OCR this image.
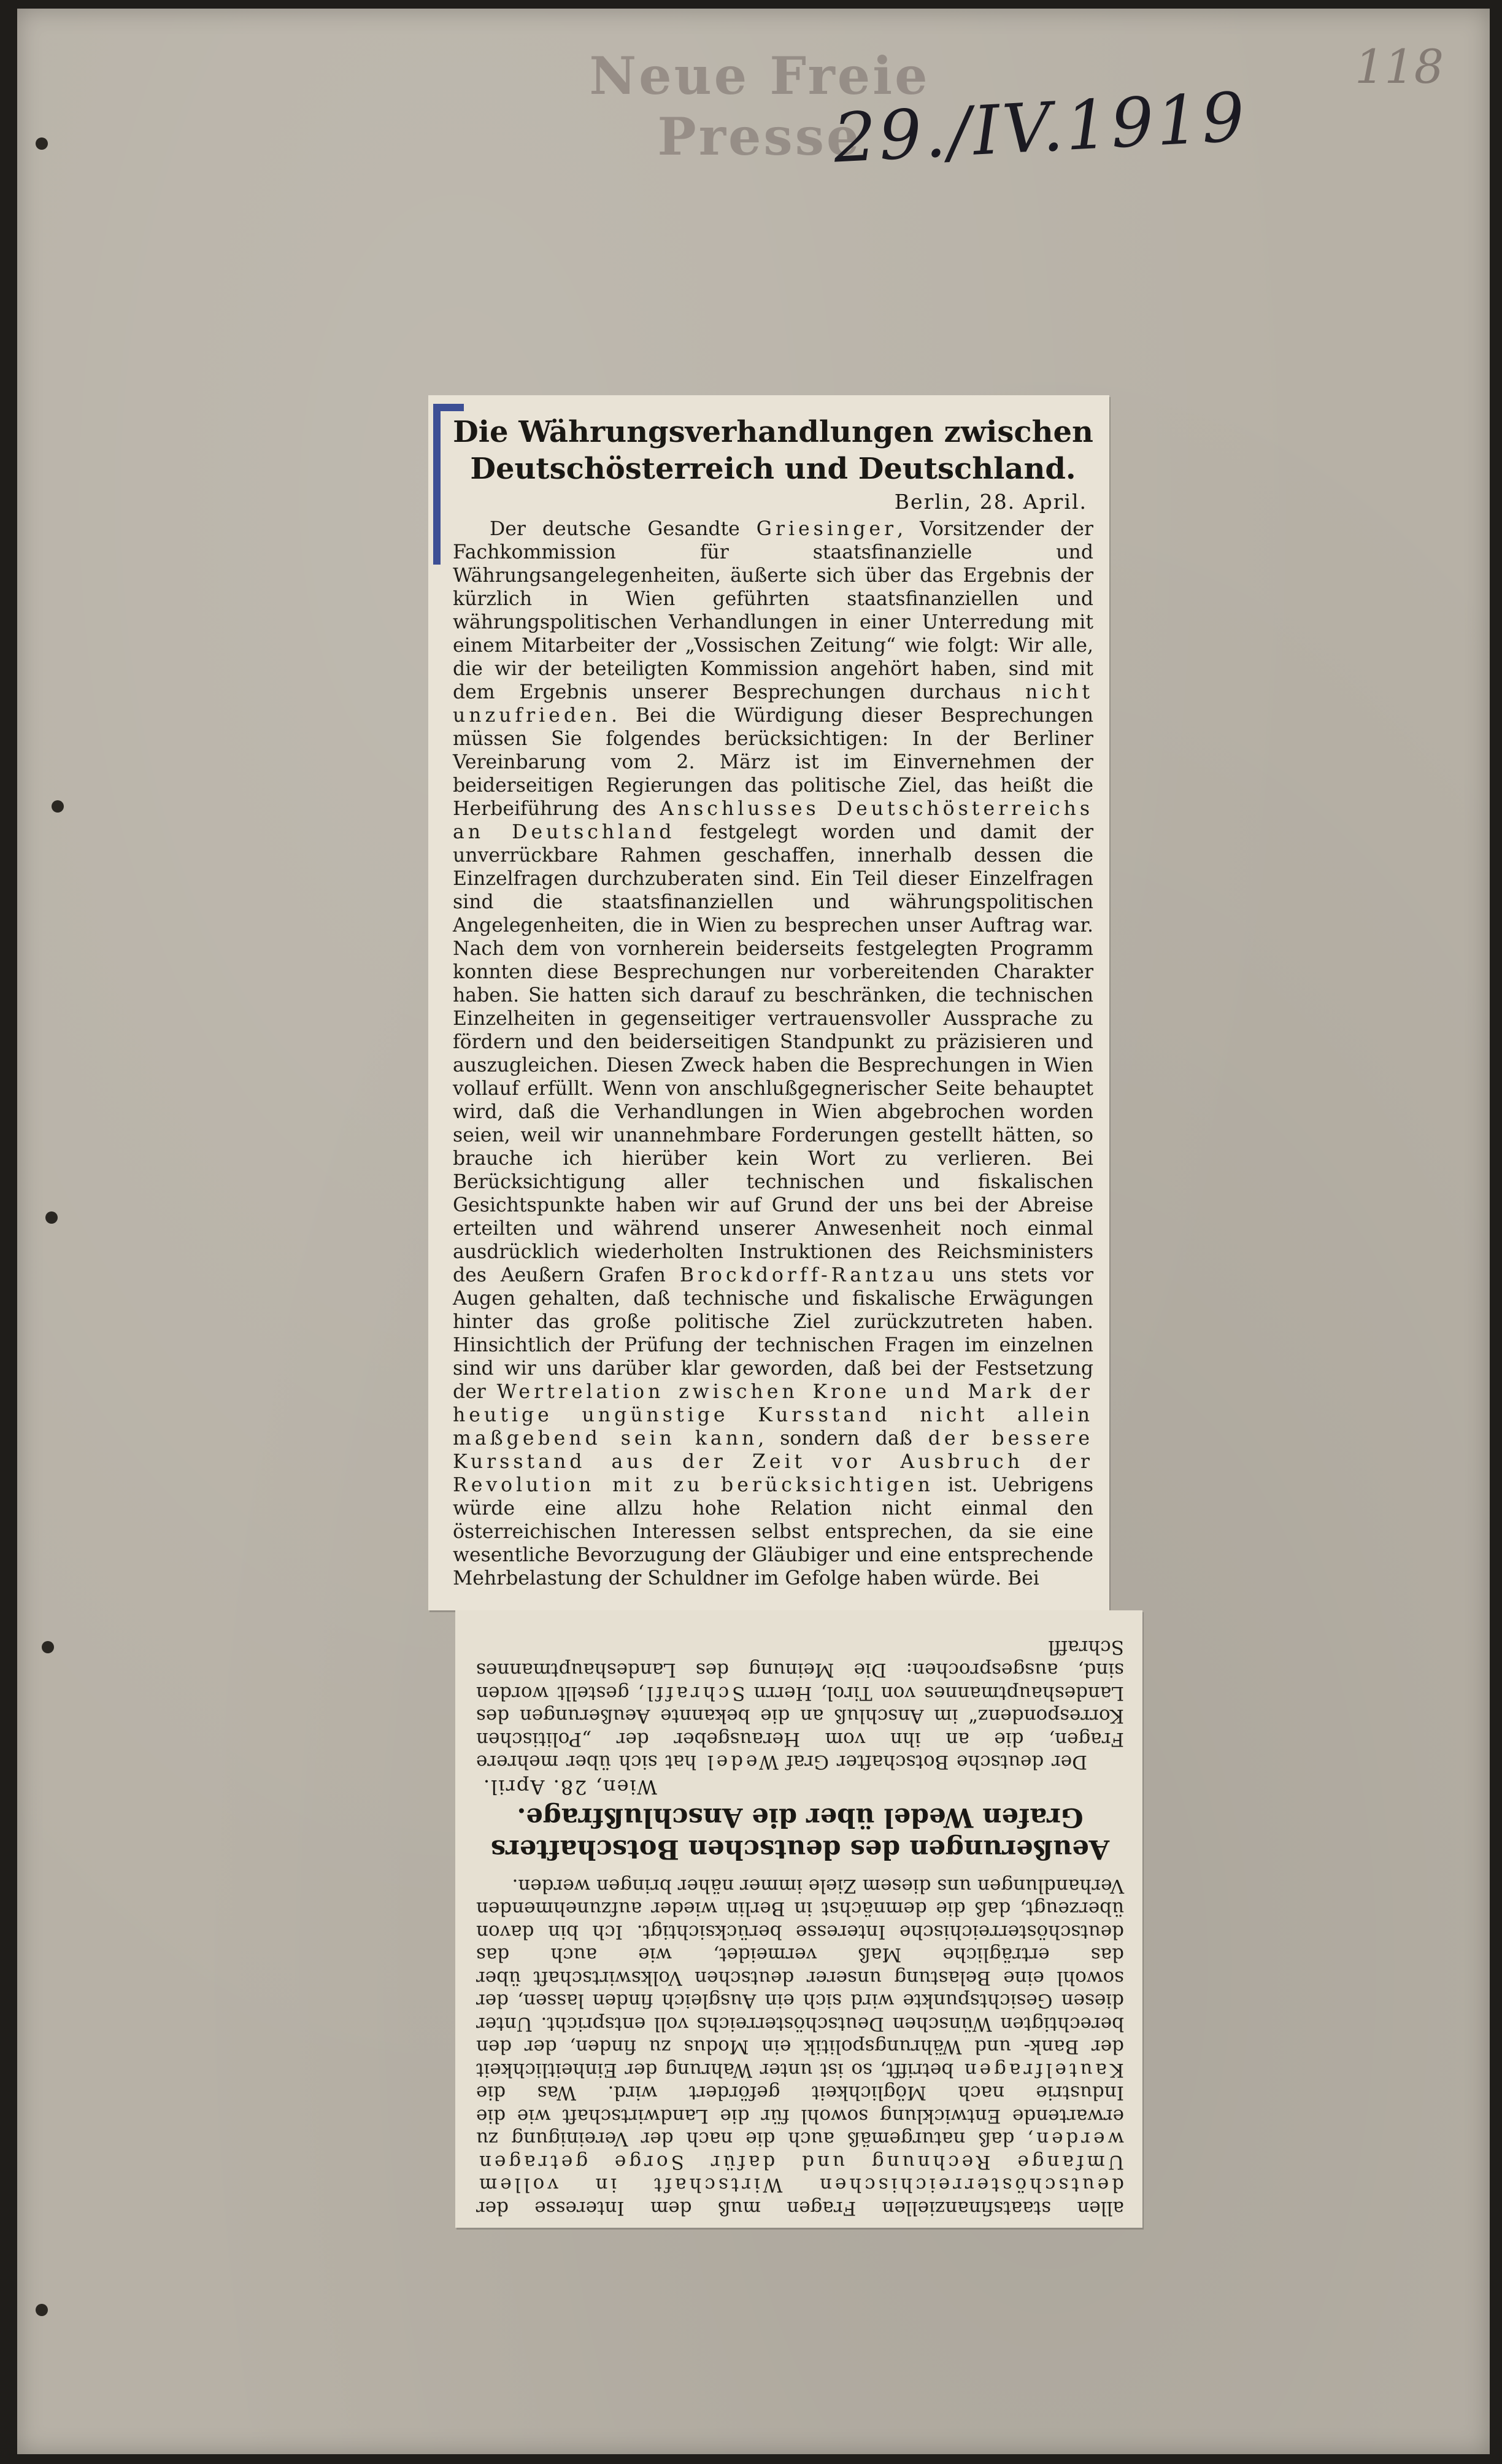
Neue Freie Presse
118
29./IV.1919
Die Währungsverhandlungen zwischen Deutschösterreich und Deutschland.
Berlin, 28. April.

Der deutsche Gesandte Griesinger, Vorsitzender der Fachkommission für staatsfinanzielle und Währungsangelegenheiten, äußerte sich über das Ergebnis der kürzlich in Wien geführten staatsfinanziellen und währungspolitischen Verhandlungen in einer Unterredung mit einem Mitarbeiter der „Vossischen Zeitung“ wie folgt: Wir alle, die wir der beteiligten Kommission angehört haben, sind mit dem Ergebnis unserer Besprechungen durchaus nicht unzufrieden. Bei die Würdigung dieser Besprechungen müssen Sie folgendes berücksichtigen: In der Berliner Vereinbarung vom 2. März ist im Einvernehmen der beiderseitigen Regierungen das politische Ziel, das heißt die Herbeiführung des Anschlusses Deutschösterreichs an Deutschland festgelegt worden und damit der unverrückbare Rahmen geschaffen, innerhalb dessen die Einzelfragen durchzuberaten sind. Ein Teil dieser Einzelfragen sind die staatsfinanziellen und währungspolitischen Angelegenheiten, die in Wien zu besprechen unser Auftrag war. Nach dem von vornherein beiderseits festgelegten Programm konnten diese Besprechungen nur vorbereitenden Charakter haben. Sie hatten sich darauf zu beschränken, die technischen Einzelheiten in gegenseitiger vertrauensvoller Aussprache zu fördern und den beiderseitigen Standpunkt zu präzisieren und auszugleichen. Diesen Zweck haben die Besprechungen in Wien vollauf erfüllt. Wenn von anschlußgegnerischer Seite behauptet wird, daß die Verhandlungen in Wien abgebrochen worden seien, weil wir unannehmbare Forderungen gestellt hätten, so brauche ich hierüber kein Wort zu verlieren. Bei Berücksichtigung aller technischen und fiskalischen Gesichtspunkte haben wir auf Grund der uns bei der Abreise erteilten und während unserer Anwesenheit noch einmal ausdrücklich wiederholten Instruktionen des Reichsministers des Aeußern Grafen Brockdorff-Rantzau uns stets vor Augen gehalten, daß technische und fiskalische Erwägungen hinter das große politische Ziel zurückzutreten haben. Hinsichtlich der Prüfung der technischen Fragen im einzelnen sind wir uns darüber klar geworden, daß bei der Festsetzung der Wertrelation zwischen Krone und Mark der heutige ungünstige Kursstand nicht allein maßgebend sein kann, sondern daß der bessere Kursstand aus der Zeit vor Ausbruch der Revolution mit zu berücksichtigen ist. Uebrigens würde eine allzu hohe Relation nicht einmal den österreichischen Interessen selbst entsprechen, da sie eine wesentliche Bevorzugung der Gläubiger und eine entsprechende Mehrbelastung der Schuldner im Gefolge haben würde. Bei

allen staatsfinanziellen Fragen muß dem Interesse der deutschösterreichischen Wirtschaft in vollem Umfange Rechnung und dafür Sorge getragen werden, daß naturgemäß auch die nach der Vereinigung zu erwartende Entwicklung sowohl für die Landwirtschaft wie die Industrie nach Möglichkeit gefördert wird. Was die Kautelfragen betrifft, so ist unter Wahrung der Einheitlichkeit der Bank- und Währungspolitik ein Modus zu finden, der den berechtigten Wünschen Deutschösterreichs voll entspricht. Unter diesen Gesichtspunkte wird sich ein Ausgleich finden lassen, der sowohl eine Belastung unserer deutschen Volkswirtschaft über das erträgliche Maß vermeidet, wie auch das deutschösterreichische Interesse berücksichtigt. Ich bin davon überzeugt, daß die demnächst in Berlin wieder aufzunehmenden Verhandlungen uns diesem Ziele immer näher bringen werden.

Aeußerungen des deutschen Botschafters Grafen Wedel über die Anschlußfrage.
Wien, 28. April.

Der deutsche Botschafter Graf Wedel hat sich über mehrere Fragen, die an ihn vom Herausgeber der „Politischen Korrespondenz“ im Anschluß an die bekannte Aeußerungen des Landeshauptmannes von Tirol, Herrn Schraffl, gestellt worden sind, ausgesprochen: Die Meinung des Landeshauptmannes Schraffl
